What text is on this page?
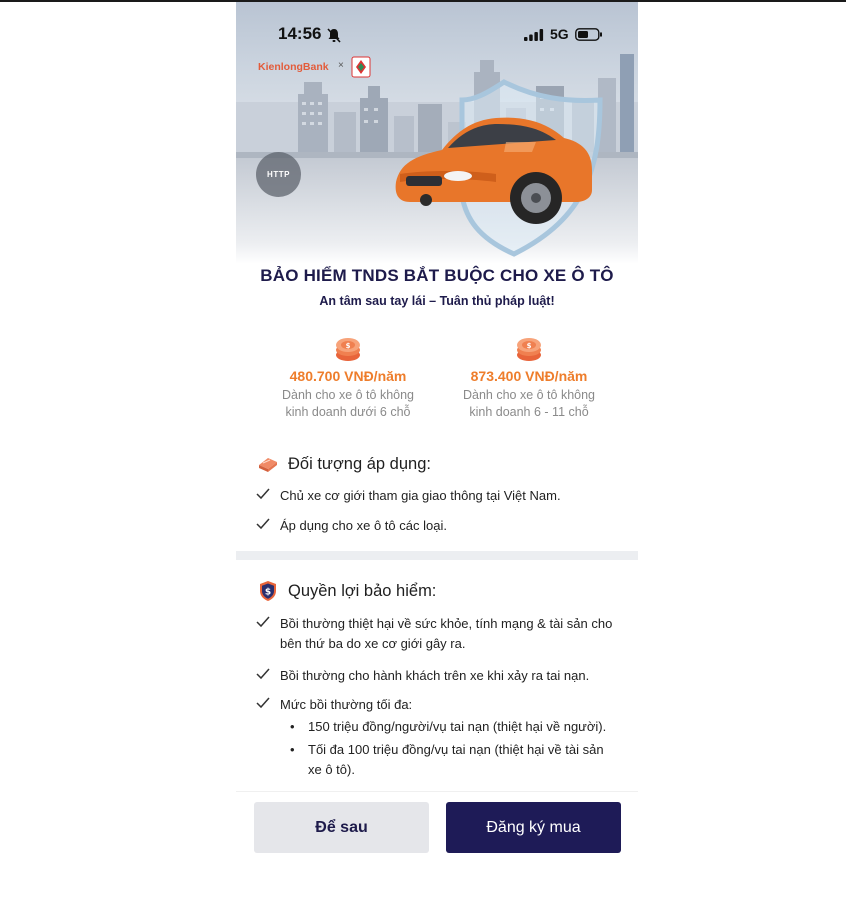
14:56	5G
KienlongBank ×
HTTP
BẢO HIỂM TNDS BẮT BUỘC CHO XE Ô TÔ
An tâm sau tay lái – Tuân thủ pháp luật!
$
480.700 VNĐ/năm
Dành cho xe ô tô không
kinh doanh dưới 6 chỗ
$
873.400 VNĐ/năm
Dành cho xe ô tô không
kinh doanh 6 - 11 chỗ
Đối tượng áp dụng:
Chủ xe cơ giới tham gia giao thông tại Việt Nam.
Áp dụng cho xe ô tô các loại.
$ Quyền lợi bảo hiểm:
Bồi thường thiệt hại về sức khỏe, tính mạng & tài sản cho bên thứ ba do xe cơ giới gây ra.
Bồi thường cho hành khách trên xe khi xảy ra tai nạn.
Mức bồi thường tối đa:
•	150 triệu đồng/người/vụ tai nạn (thiệt hại về người).
•	Tối đa 100 triệu đồng/vụ tai nạn (thiệt hại về tài sản xe ô tô).
Để sau	Đăng ký mua
